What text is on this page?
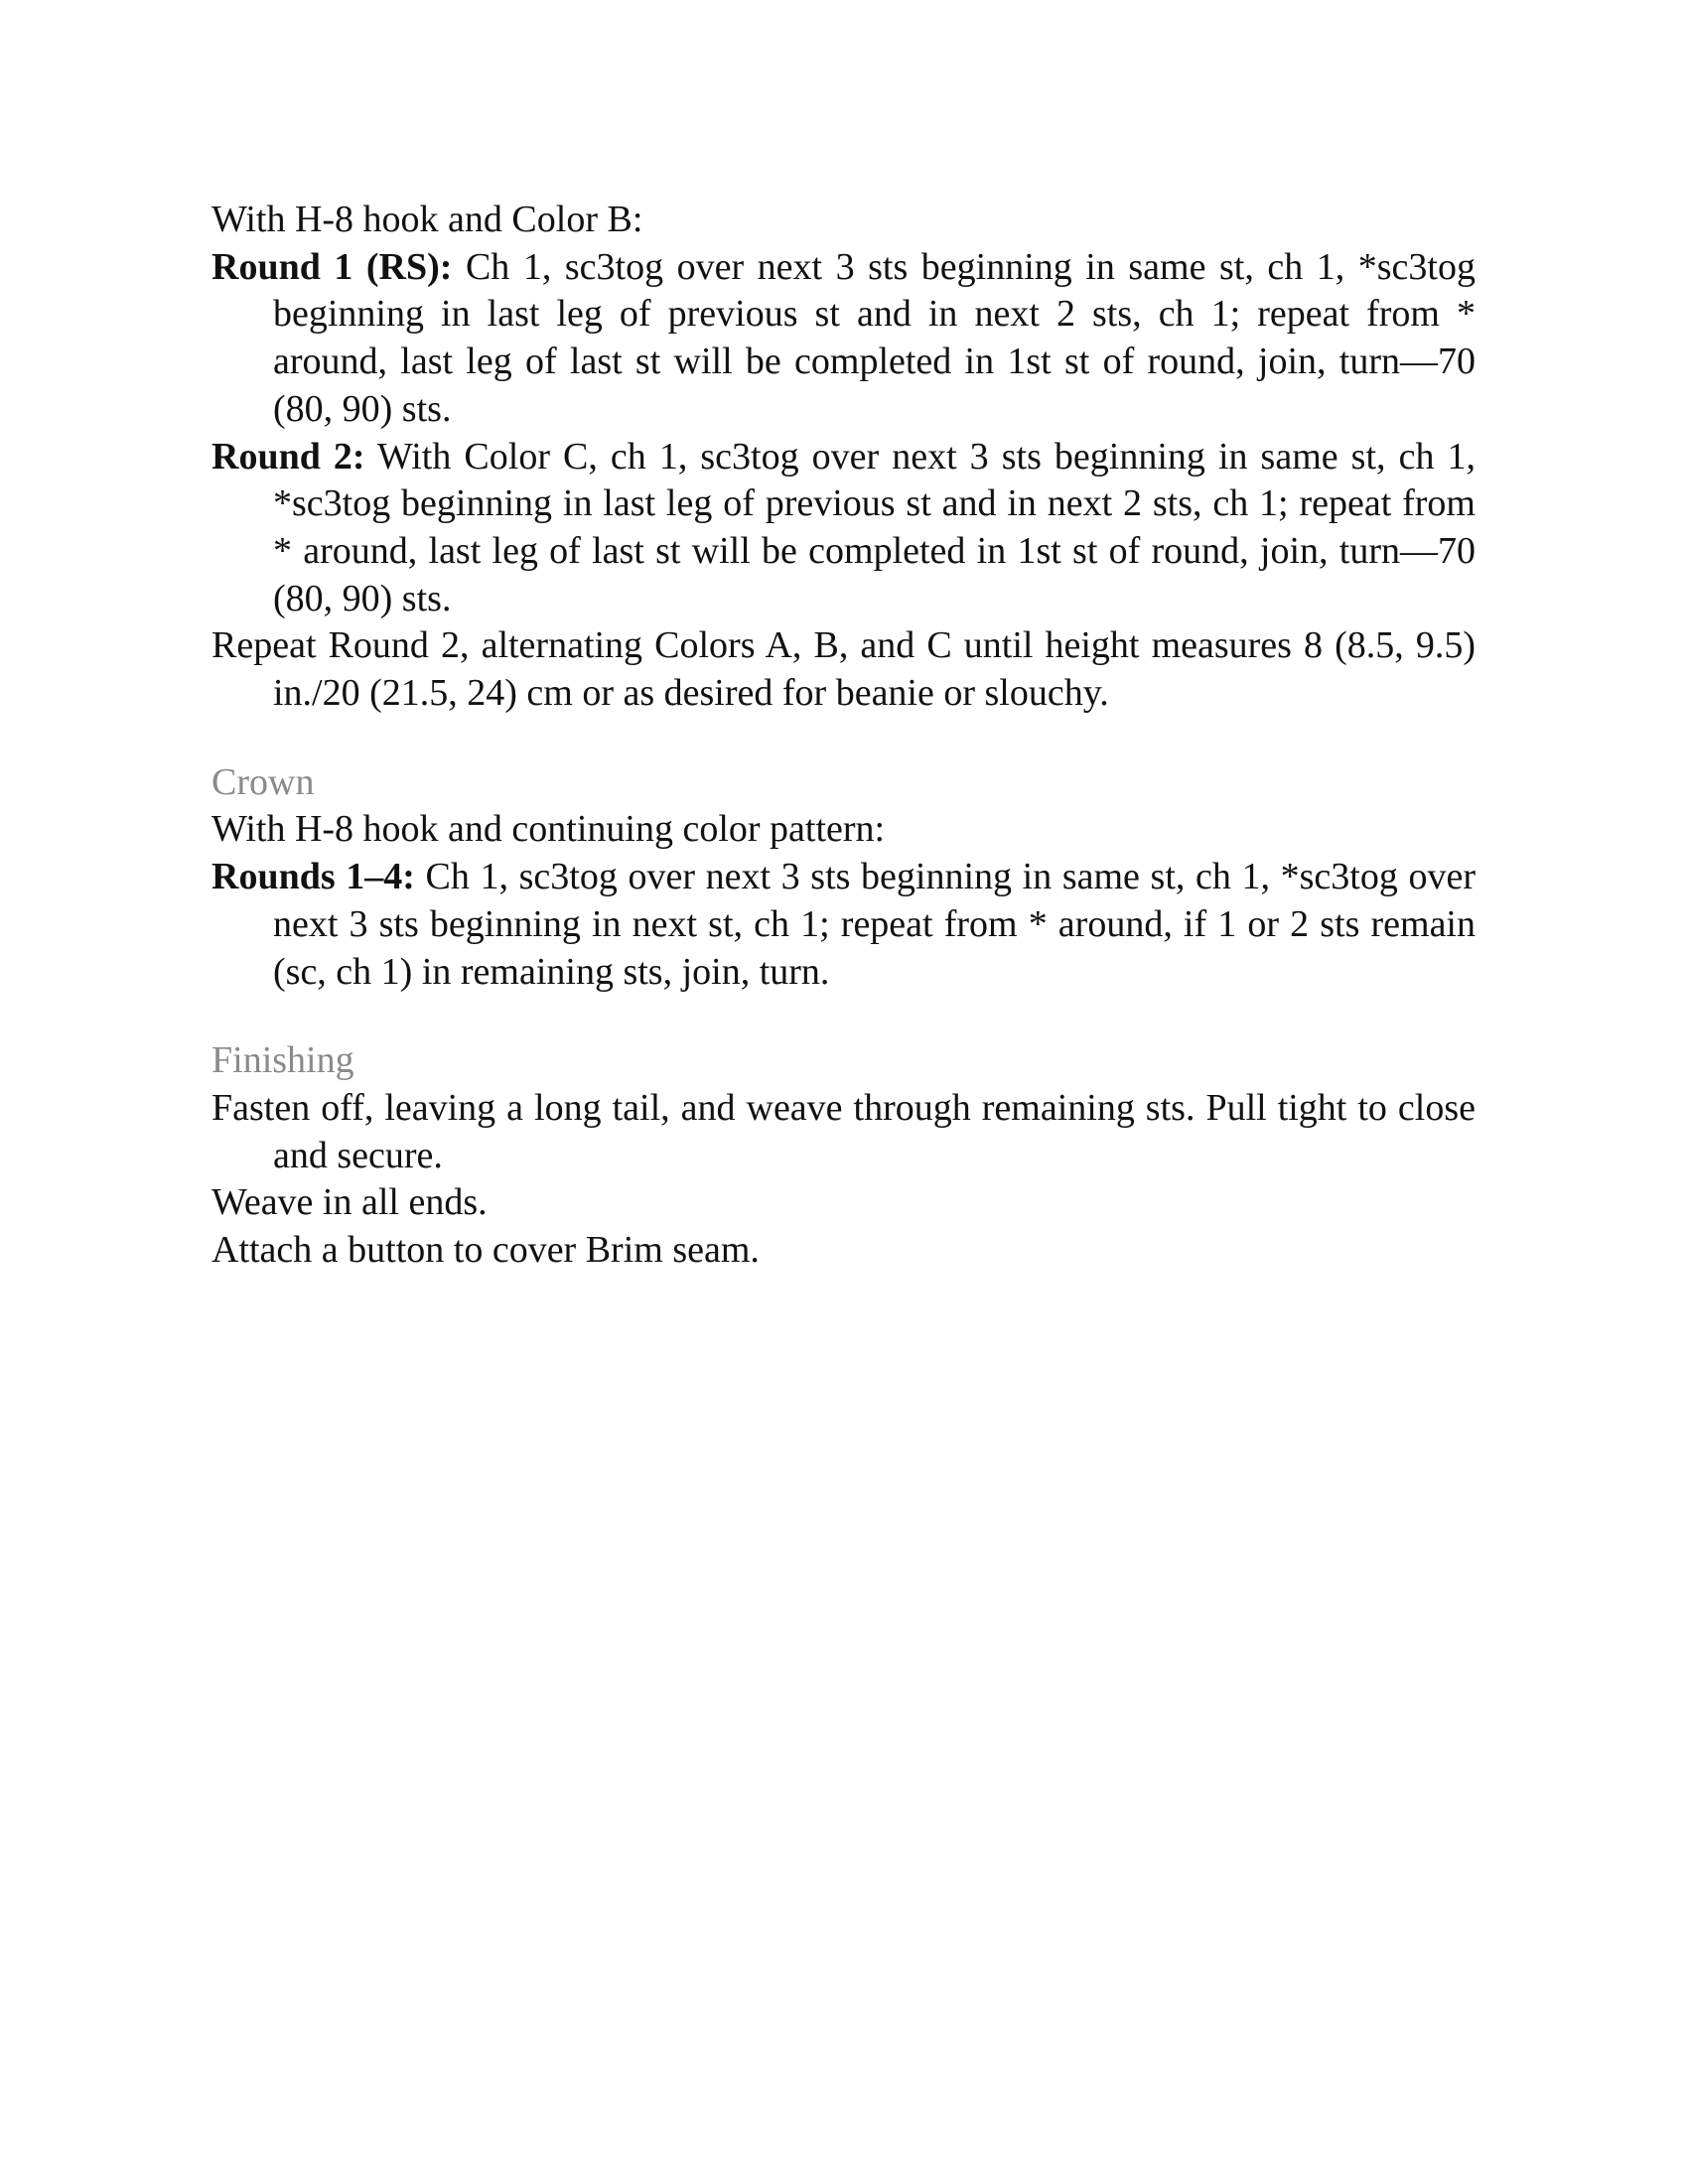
With H-8 hook and Color B:

Round 1 (RS): Ch 1, sc3tog over next 3 sts beginning in same st, ch 1, *sc3tog beginning in last leg of previous st and in next 2 sts, ch 1; repeat from * around, last leg of last st will be completed in 1st st of round, join, turn—70 (80, 90) sts.

Round 2: With Color C, ch 1, sc3tog over next 3 sts beginning in same st, ch 1, *sc3tog beginning in last leg of previous st and in next 2 sts, ch 1; repeat from * around, last leg of last st will be completed in 1st st of round, join, turn—70 (80, 90) sts.

Repeat Round 2, alternating Colors A, B, and C until height measures 8 (8.5, 9.5) in./20 (21.5, 24) cm or as desired for beanie or slouchy.

Crown

With H-8 hook and continuing color pattern:

Rounds 1–4: Ch 1, sc3tog over next 3 sts beginning in same st, ch 1, *sc3tog over next 3 sts beginning in next st, ch 1; repeat from * around, if 1 or 2 sts remain (sc, ch 1) in remaining sts, join, turn.

Finishing

Fasten off, leaving a long tail, and weave through remaining sts. Pull tight to close and secure.

Weave in all ends.

Attach a button to cover Brim seam.
